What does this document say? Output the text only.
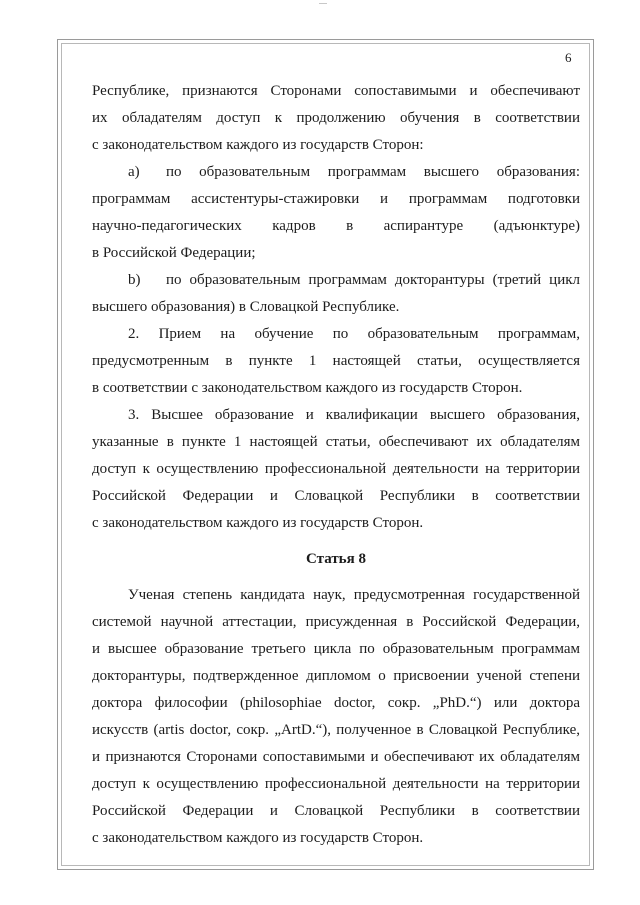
6

Республике, признаются Сторонами сопоставимыми и обеспечивают

их обладателям доступ к продолжению обучения в соответствии

с законодательством каждого из государств Сторон:

а)	по образовательным программам высшего образования:

программам ассистентуры-стажировки и программам подготовки

научно-педагогических кадров в аспирантуре (адъюнктуре)

в Российской Федерации;

b)	по образовательным программам докторантуры (третий цикл

высшего образования) в Словацкой Республике.

2. Прием на обучение по образовательным программам,

предусмотренным в пункте 1 настоящей статьи, осуществляется

в соответствии с законодательством каждого из государств Сторон.

3. Высшее образование и квалификации высшего образования,

указанные в пункте 1 настоящей статьи, обеспечивают их обладателям

доступ к осуществлению профессиональной деятельности на территории

Российской Федерации и Словацкой Республики в соответствии

с законодательством каждого из государств Сторон.

Статья 8

Ученая степень кандидата наук, предусмотренная государственной

системой научной аттестации, присужденная в Российской Федерации,

и высшее образование третьего цикла по образовательным программам

докторантуры, подтвержденное дипломом о присвоении ученой степени

доктора философии (philosophiae doctor, сокр. „PhD.“) или доктора

искусств (artis doctor, сокр. „ArtD.“), полученное в Словацкой Республике,

и признаются Сторонами сопоставимыми и обеспечивают их обладателям

доступ к осуществлению профессиональной деятельности на территории

Российской Федерации и Словацкой Республики в соответствии

с законодательством каждого из государств Сторон.
